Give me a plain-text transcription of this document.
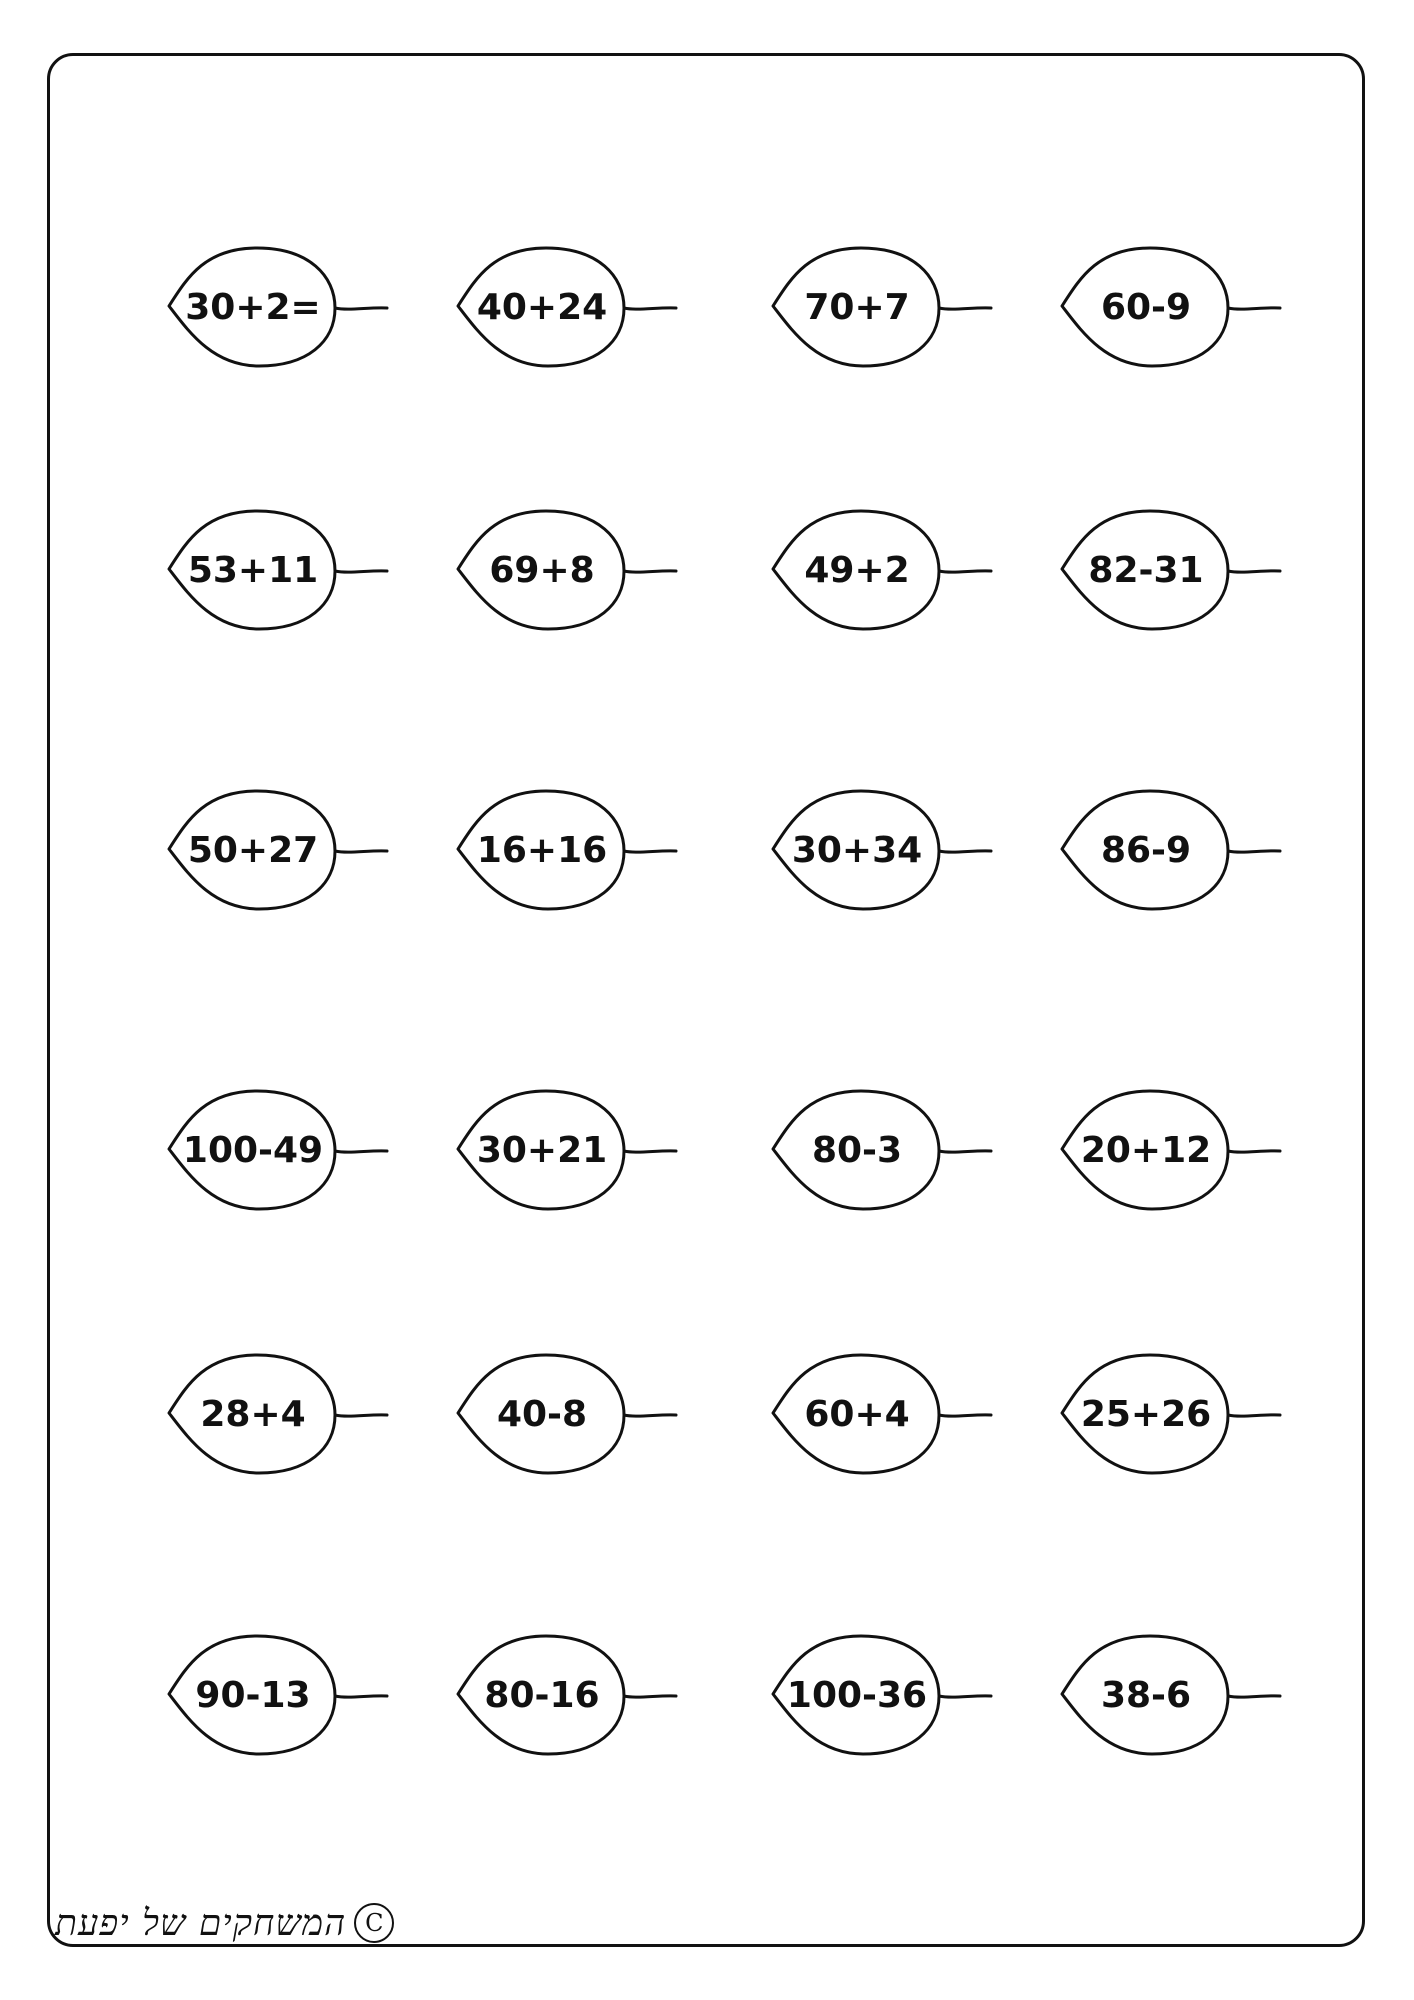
30+2=	40+24	70+7	60-9
53+11	69+8	49+2	82-31
50+27	16+16	30+34	86-9
100-49	30+21	80-3	20+12
28+4	40-8	60+4	25+26
90-13	80-16	100-36	38-6
C
המשחקים של יפעת
